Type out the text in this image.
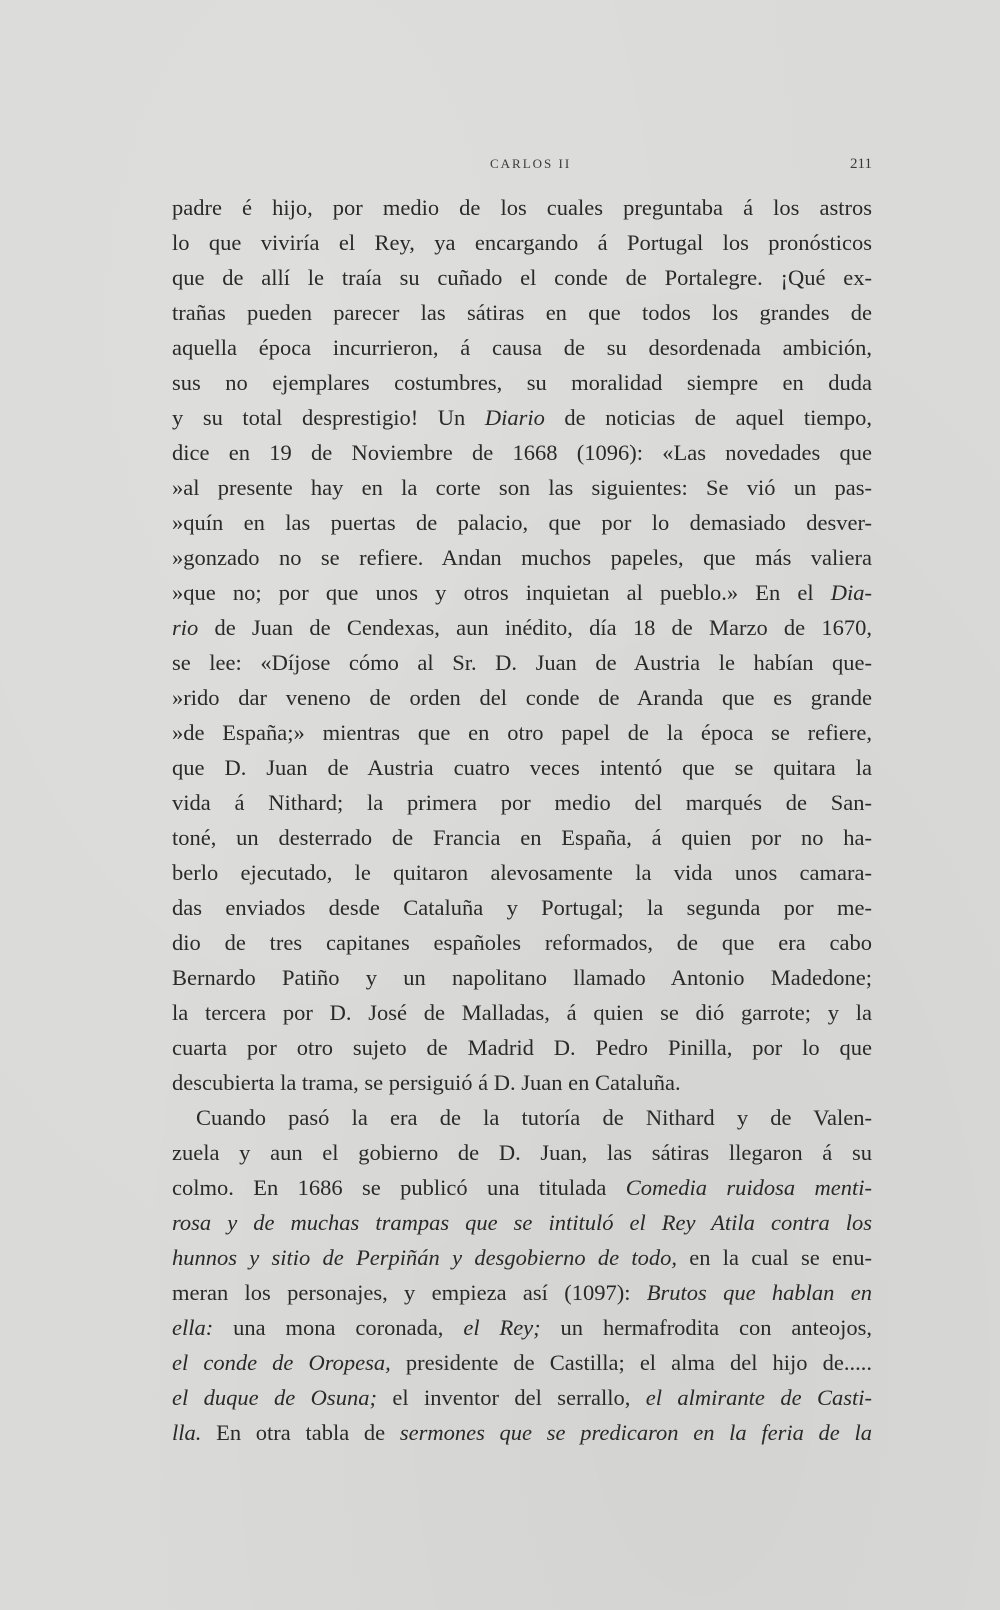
CARLOS II	211
padre é hijo, por medio de los cuales preguntaba á los astros
lo que viviría el Rey, ya encargando á Portugal los pronósticos
que de allí le traía su cuñado el conde de Portalegre. ¡Qué ex-
trañas pueden parecer las sátiras en que todos los grandes de
aquella época incurrieron, á causa de su desordenada ambición,
sus no ejemplares costumbres, su moralidad siempre en duda
y su total desprestigio! Un Diario de noticias de aquel tiempo,
dice en 19 de Noviembre de 1668 (1096): «Las novedades que
»al presente hay en la corte son las siguientes: Se vió un pas-
»quín en las puertas de palacio, que por lo demasiado desver-
»gonzado no se refiere. Andan muchos papeles, que más valiera
»que no; por que unos y otros inquietan al pueblo.» En el Dia-
rio de Juan de Cendexas, aun inédito, día 18 de Marzo de 1670,
se lee: «Díjose cómo al Sr. D. Juan de Austria le habían que-
»rido dar veneno de orden del conde de Aranda que es grande
»de España;» mientras que en otro papel de la época se refiere,
que D. Juan de Austria cuatro veces intentó que se quitara la
vida á Nithard; la primera por medio del marqués de San-
toné, un desterrado de Francia en España, á quien por no ha-
berlo ejecutado, le quitaron alevosamente la vida unos camara-
das enviados desde Cataluña y Portugal; la segunda por me-
dio de tres capitanes españoles reformados, de que era cabo
Bernardo Patiño y un napolitano llamado Antonio Madedone;
la tercera por D. José de Malladas, á quien se dió garrote; y la
cuarta por otro sujeto de Madrid D. Pedro Pinilla, por lo que
descubierta la trama, se persiguió á D. Juan en Cataluña.
Cuando pasó la era de la tutoría de Nithard y de Valen-
zuela y aun el gobierno de D. Juan, las sátiras llegaron á su
colmo. En 1686 se publicó una titulada Comedia ruidosa menti-
rosa y de muchas trampas que se intituló el Rey Atila contra los
hunnos y sitio de Perpiñán y desgobierno de todo, en la cual se enu-
meran los personajes, y empieza así (1097): Brutos que hablan en
ella: una mona coronada, el Rey; un hermafrodita con anteojos,
el conde de Oropesa, presidente de Castilla; el alma del hijo de.....
el duque de Osuna; el inventor del serrallo, el almirante de Casti-
lla. En otra tabla de sermones que se predicaron en la feria de la
